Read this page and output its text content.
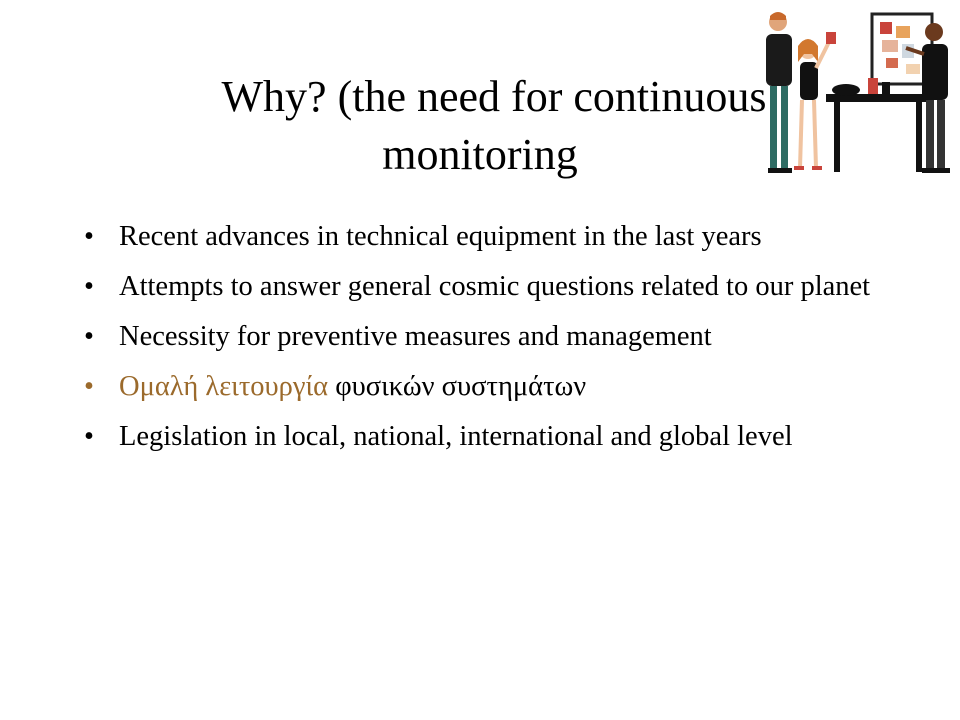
Why? (the need for continuous
monitoring
• Recent advances in technical equipment in the last years
• Attempts to answer general cosmic questions related to our planet
• Necessity for preventive measures and management
• Ομαλή λειτουργία φυσικών συστημάτων
• Legislation in local, national, international and global level
